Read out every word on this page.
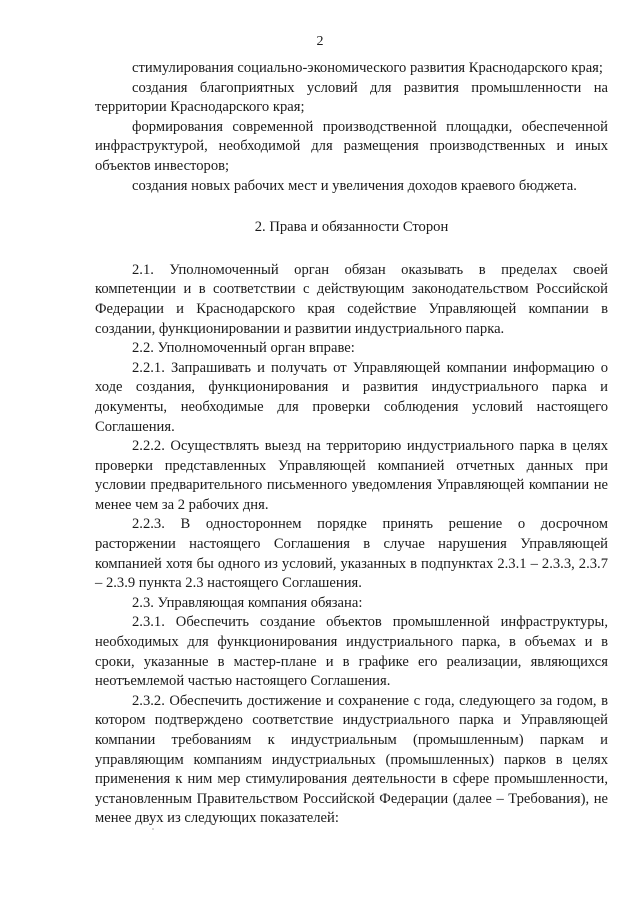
2

стимулирования социально-экономического развития Краснодарского края;

создания благоприятных условий для развития промышленности на территории Краснодарского края;

формирования современной производственной площадки, обеспеченной инфраструктурой, необходимой для размещения производственных и иных объектов инвесторов;

создания новых рабочих мест и увеличения доходов краевого бюджета.

2. Права и обязанности Сторон

2.1. Уполномоченный орган обязан оказывать в пределах своей компетенции и в соответствии с действующим законодательством Российской Федерации и Краснодарского края содействие Управляющей компании в создании, функционировании и развитии индустриального парка.

2.2. Уполномоченный орган вправе:

2.2.1. Запрашивать и получать от Управляющей компании информацию о ходе создания, функционирования и развития индустриального парка и документы, необходимые для проверки соблюдения условий настоящего Соглашения.

2.2.2. Осуществлять выезд на территорию индустриального парка в целях проверки представленных Управляющей компанией отчетных данных при условии предварительного письменного уведомления Управляющей компании не менее чем за 2 рабочих дня.

2.2.3. В одностороннем порядке принять решение о досрочном расторжении настоящего Соглашения в случае нарушения Управляющей компанией хотя бы одного из условий, указанных в подпунктах 2.3.1 – 2.3.3, 2.3.7 – 2.3.9 пункта 2.3 настоящего Соглашения.

2.3. Управляющая компания обязана:

2.3.1. Обеспечить создание объектов промышленной инфраструктуры, необходимых для функционирования индустриального парка, в объемах и в сроки, указанные в мастер-плане и в графике его реализации, являющихся неотъемлемой частью настоящего Соглашения.

2.3.2. Обеспечить достижение и сохранение с года, следующего за годом, в котором подтверждено соответствие индустриального парка и Управляющей компании требованиям к индустриальным (промышленным) паркам и управляющим компаниям индустриальных (промышленных) парков в целях применения к ним мер стимулирования деятельности в сфере промышленности, установленным Правительством Российской Федерации (далее – Требования), не менее двух из следующих показателей:
